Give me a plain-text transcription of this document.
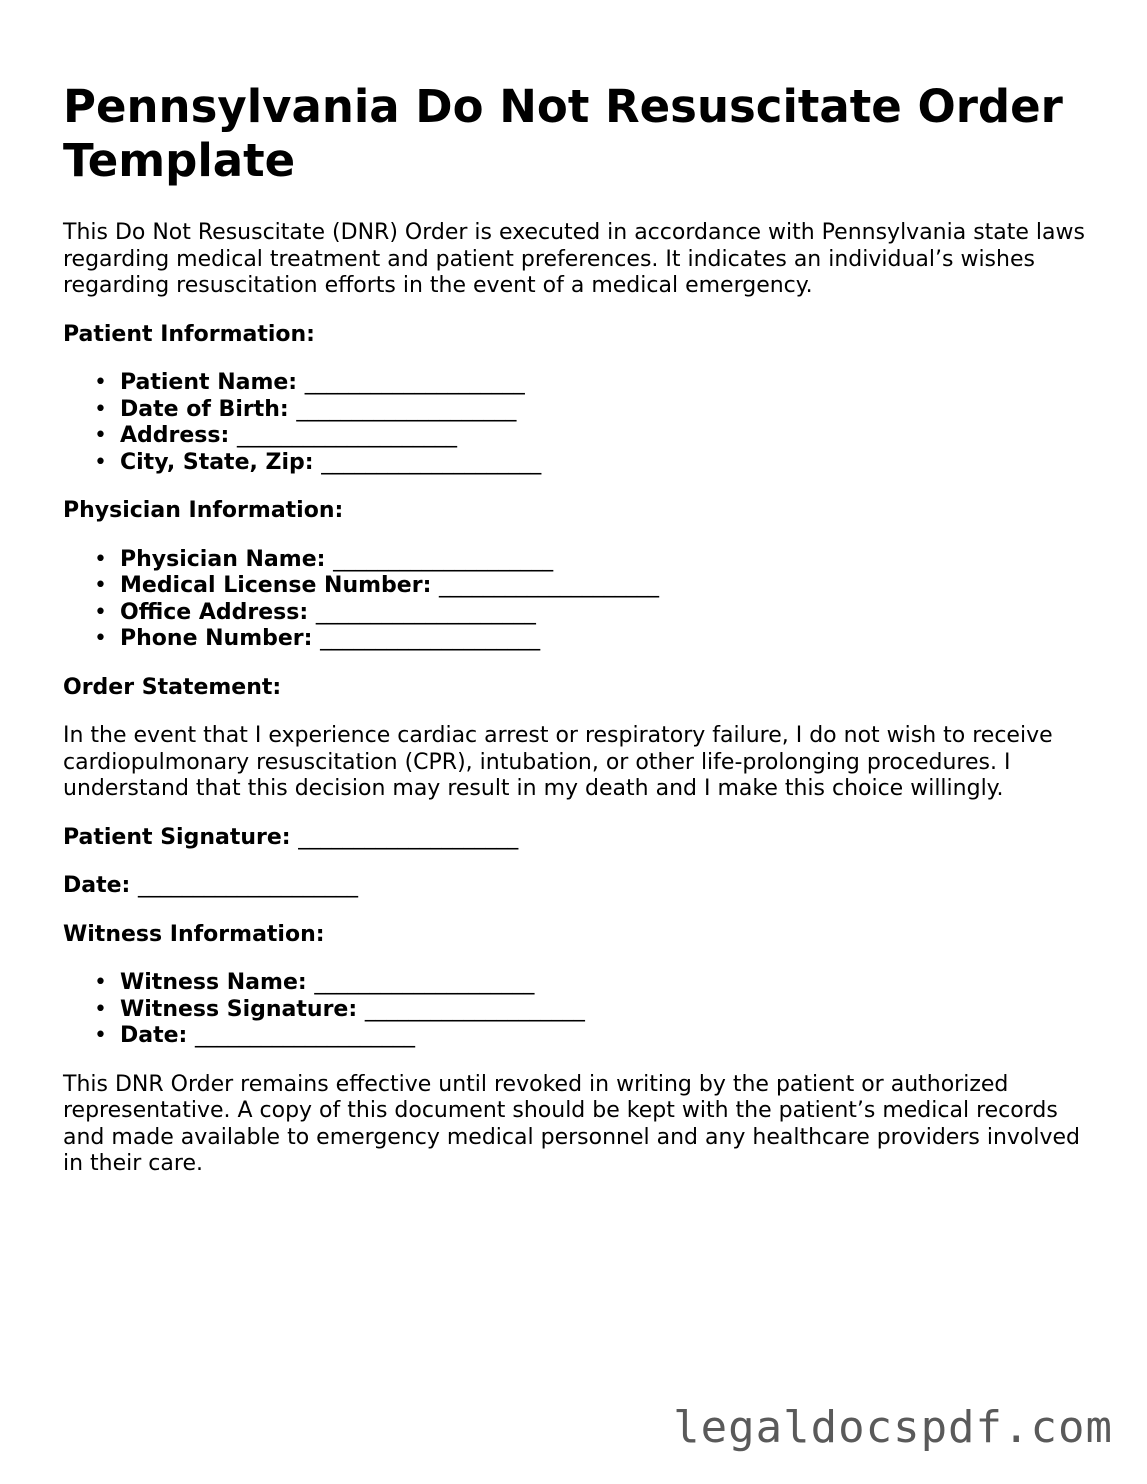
Pennsylvania Do Not Resuscitate Order Template

This Do Not Resuscitate (DNR) Order is executed in accordance with Pennsylvania state laws regarding medical treatment and patient preferences. It indicates an individual’s wishes regarding resuscitation efforts in the event of a medical emergency.

Patient Information:
• Patient Name: ____________________
• Date of Birth: ____________________
• Address: ____________________
• City, State, Zip: ____________________
Physician Information:
• Physician Name: ____________________
• Medical License Number: ____________________
• Office Address: ____________________
• Phone Number: ____________________
Order Statement:

In the event that I experience cardiac arrest or respiratory failure, I do not wish to receive cardiopulmonary resuscitation (CPR), intubation, or other life-prolonging procedures. I understand that this decision may result in my death and I make this choice willingly.

Patient Signature: ____________________
Date: ____________________
Witness Information:
• Witness Name: ____________________
• Witness Signature: ____________________
• Date: ____________________

This DNR Order remains effective until revoked in writing by the patient or authorized representative. A copy of this document should be kept with the patient’s medical records and made available to emergency medical personnel and any healthcare providers involved in their care.

legaldocspdf.com
